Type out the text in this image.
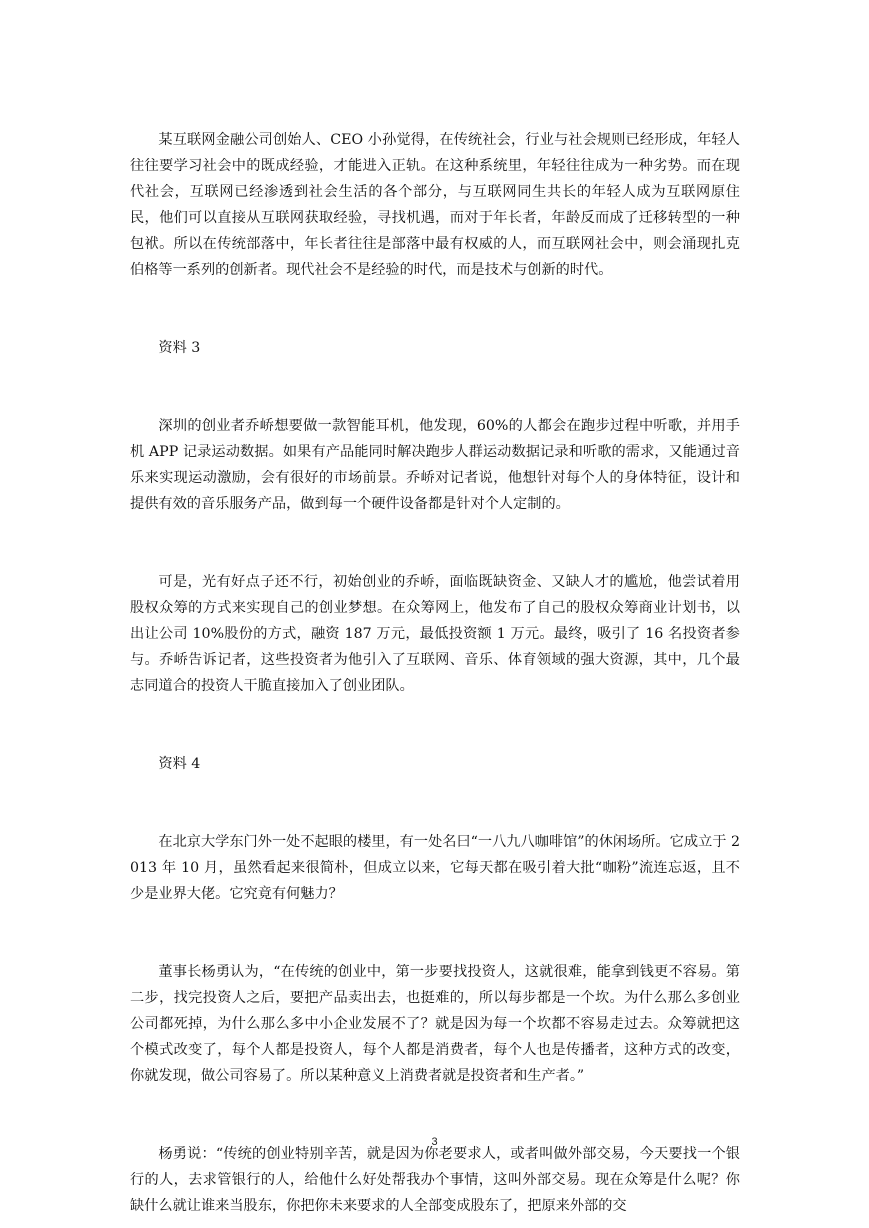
某互联网金融公司创始人、CEO 小孙觉得，在传统社会，行业与社会规则已经形成，年轻人往往要学习社会中的既成经验，才能进入正轨。在这种系统里，年轻往往成为一种劣势。而在现代社会，互联网已经渗透到社会生活的各个部分，与互联网同生共长的年轻人成为互联网原住民，他们可以直接从互联网获取经验，寻找机遇，而对于年长者，年龄反而成了迁移转型的一种包袱。所以在传统部落中，年长者往往是部落中最有权威的人，而互联网社会中，则会涌现扎克伯格等一系列的创新者。现代社会不是经验的时代，而是技术与创新的时代。

资料 3

深圳的创业者乔峤想要做一款智能耳机，他发现，60%的人都会在跑步过程中听歌，并用手机 APP 记录运动数据。如果有产品能同时解决跑步人群运动数据记录和听歌的需求，又能通过音乐来实现运动激励，会有很好的市场前景。乔峤对记者说，他想针对每个人的身体特征，设计和提供有效的音乐服务产品，做到每一个硬件设备都是针对个人定制的。

可是，光有好点子还不行，初始创业的乔峤，面临既缺资金、又缺人才的尴尬，他尝试着用股权众筹的方式来实现自己的创业梦想。在众筹网上，他发布了自己的股权众筹商业计划书，以出让公司 10%股份的方式，融资 187 万元，最低投资额 1 万元。最终，吸引了 16 名投资者参与。乔峤告诉记者，这些投资者为他引入了互联网、音乐、体育领域的强大资源，其中，几个最志同道合的投资人干脆直接加入了创业团队。

资料 4

在北京大学东门外一处不起眼的楼里，有一处名曰“一八九八咖啡馆”的休闲场所。它成立于 2013 年 10 月，虽然看起来很简朴，但成立以来，它每天都在吸引着大批“咖粉”流连忘返，且不少是业界大佬。它究竟有何魅力？

董事长杨勇认为，“在传统的创业中，第一步要找投资人，这就很难，能拿到钱更不容易。第二步，找完投资人之后，要把产品卖出去，也挺难的，所以每步都是一个坎。为什么那么多创业公司都死掉，为什么那么多中小企业发展不了？就是因为每一个坎都不容易走过去。众筹就把这个模式改变了，每个人都是投资人，每个人都是消费者，每个人也是传播者，这种方式的改变，你就发现，做公司容易了。所以某种意义上消费者就是投资者和生产者。”

杨勇说：“传统的创业特别辛苦，就是因为你老要求人，或者叫做外部交易，今天要找一个银行的人，去求管银行的人，给他什么好处帮我办个事情，这叫外部交易。现在众筹是什么呢？你缺什么就让谁来当股东，你把你未来要求的人全部变成股东了，把原来外部的交

3
